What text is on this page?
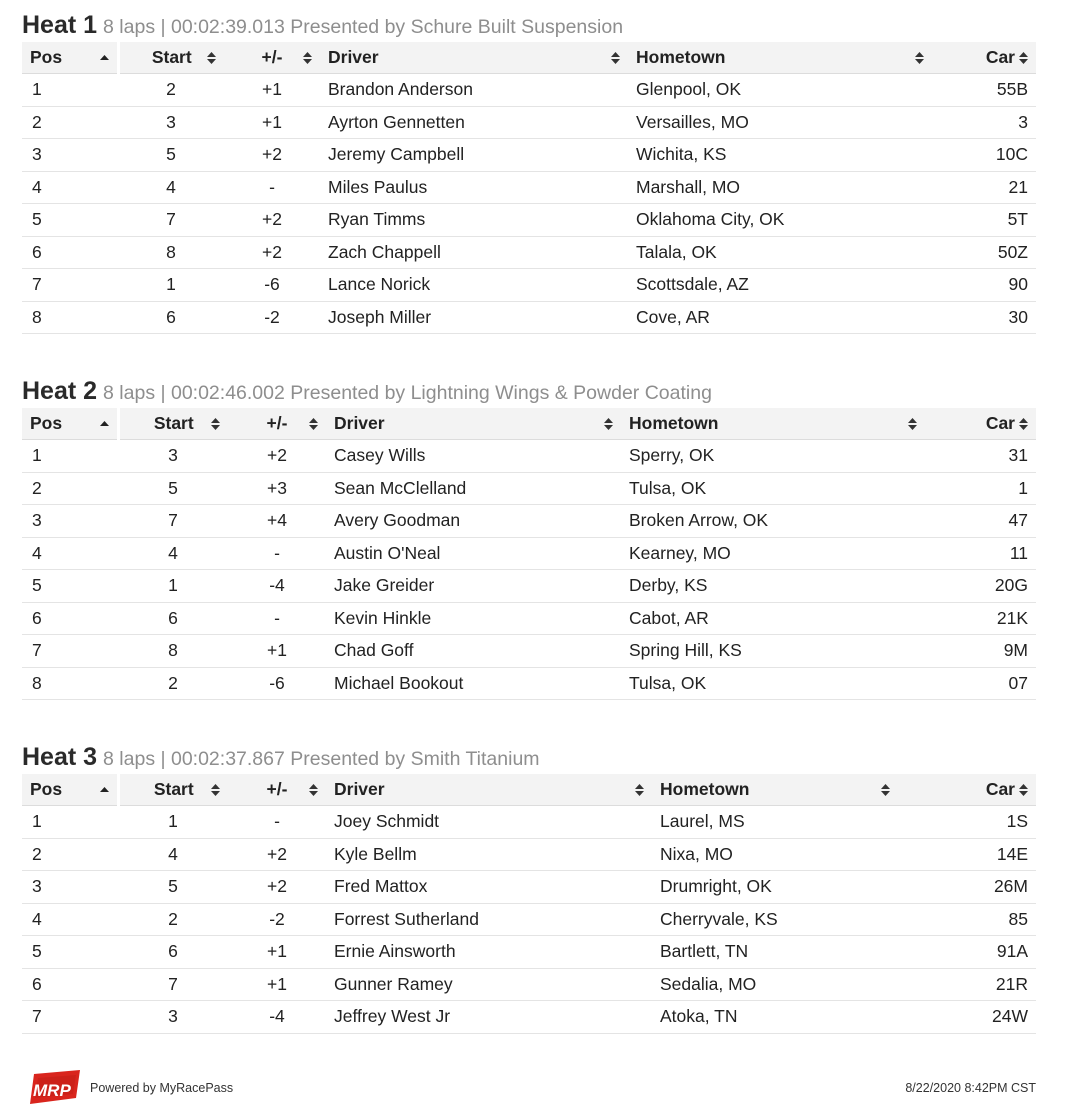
Heat 1 8 laps | 00:02:39.013 Presented by Schure Built Suspension
Pos	Start	+/-	Driver	Hometown	Car
1	2	+1	Brandon Anderson	Glenpool, OK	55B
2	3	+1	Ayrton Gennetten	Versailles, MO	3
3	5	+2	Jeremy Campbell	Wichita, KS	10C
4	4	-	Miles Paulus	Marshall, MO	21
5	7	+2	Ryan Timms	Oklahoma City, OK	5T
6	8	+2	Zach Chappell	Talala, OK	50Z
7	1	-6	Lance Norick	Scottsdale, AZ	90
8	6	-2	Joseph Miller	Cove, AR	30
Heat 2 8 laps | 00:02:46.002 Presented by Lightning Wings & Powder Coating
Pos	Start	+/-	Driver	Hometown	Car
1	3	+2	Casey Wills	Sperry, OK	31
2	5	+3	Sean McClelland	Tulsa, OK	1
3	7	+4	Avery Goodman	Broken Arrow, OK	47
4	4	-	Austin O'Neal	Kearney, MO	11
5	1	-4	Jake Greider	Derby, KS	20G
6	6	-	Kevin Hinkle	Cabot, AR	21K
7	8	+1	Chad Goff	Spring Hill, KS	9M
8	2	-6	Michael Bookout	Tulsa, OK	07
Heat 3 8 laps | 00:02:37.867 Presented by Smith Titanium
Pos	Start	+/-	Driver	Hometown	Car
1	1	-	Joey Schmidt	Laurel, MS	1S
2	4	+2	Kyle Bellm	Nixa, MO	14E
3	5	+2	Fred Mattox	Drumright, OK	26M
4	2	-2	Forrest Sutherland	Cherryvale, KS	85
5	6	+1	Ernie Ainsworth	Bartlett, TN	91A
6	7	+1	Gunner Ramey	Sedalia, MO	21R
7	3	-4	Jeffrey West Jr	Atoka, TN	24W
MRP Powered by MyRacePass	8/22/2020 8:42PM CST
